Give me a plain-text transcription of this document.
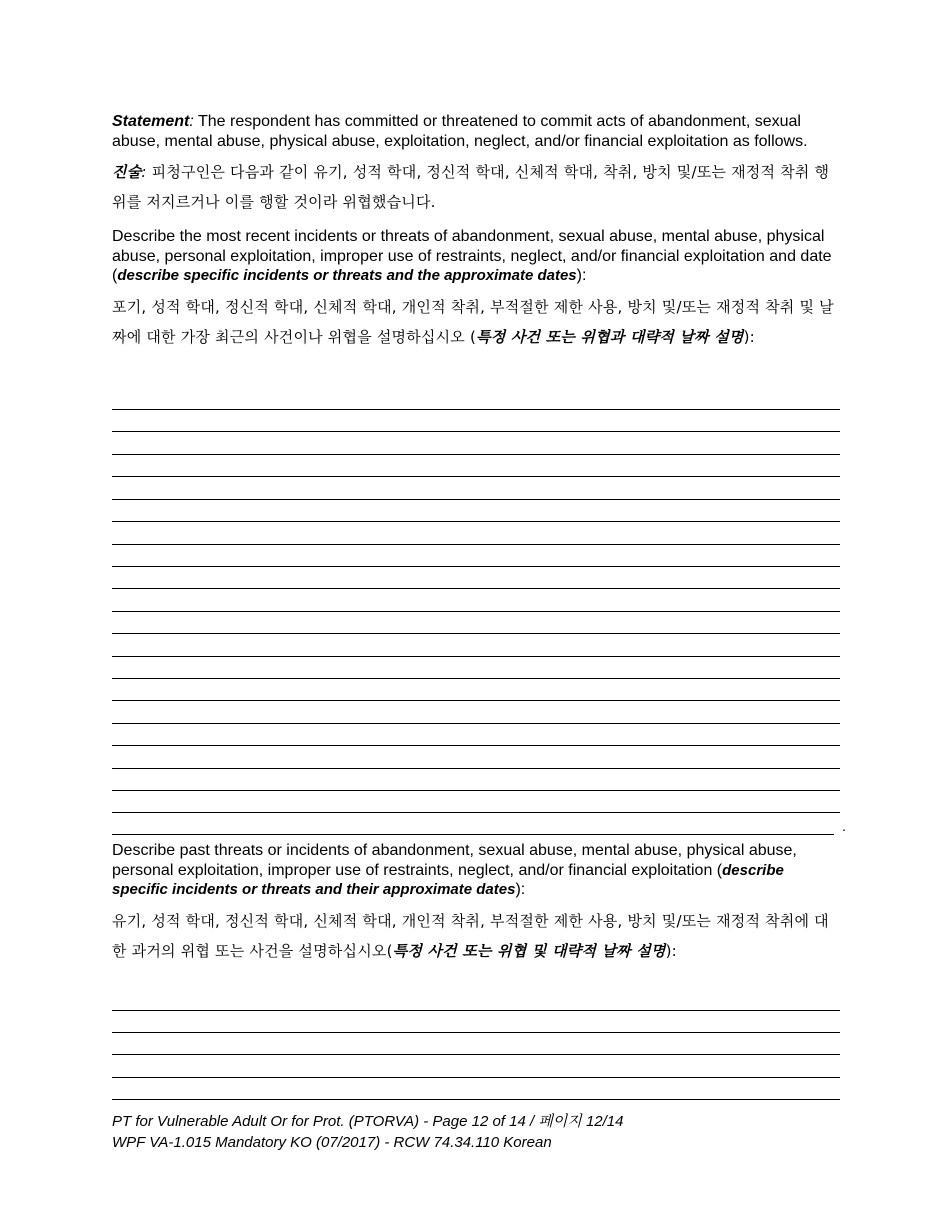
Statement: The respondent has committed or threatened to commit acts of abandonment, sexual abuse, mental abuse, physical abuse, exploitation, neglect, and/or financial exploitation as follows.

진술: 피청구인은 다음과 같이 유기, 성적 학대, 정신적 학대, 신체적 학대, 착취, 방치 및/또는 재정적 착취 행위를 저지르거나 이를 행할 것이라 위협했습니다.

Describe the most recent incidents or threats of abandonment, sexual abuse, mental abuse, physical abuse, personal exploitation, improper use of restraints, neglect, and/or financial exploitation and date (describe specific incidents or threats and the approximate dates):

포기, 성적 학대, 정신적 학대, 신체적 학대, 개인적 착취, 부적절한 제한 사용, 방치 및/또는 재정적 착취 및 날짜에 대한 가장 최근의 사건이나 위협을 설명하십시오 (특정 사건 또는 위협과 대략적 날짜 설명):

.

Describe past threats or incidents of abandonment, sexual abuse, mental abuse, physical abuse, personal exploitation, improper use of restraints, neglect, and/or financial exploitation (describe specific incidents or threats and their approximate dates):

유기, 성적 학대, 정신적 학대, 신체적 학대, 개인적 착취, 부적절한 제한 사용, 방치 및/또는 재정적 착취에 대한 과거의 위협 또는 사건을 설명하십시오(특정 사건 또는 위협 및 대략적 날짜 설명):

PT for Vulnerable Adult Or for Prot. (PTORVA) - Page 12 of 14 / 페이지 12/14
WPF VA-1.015 Mandatory KO (07/2017) - RCW 74.34.110 Korean
